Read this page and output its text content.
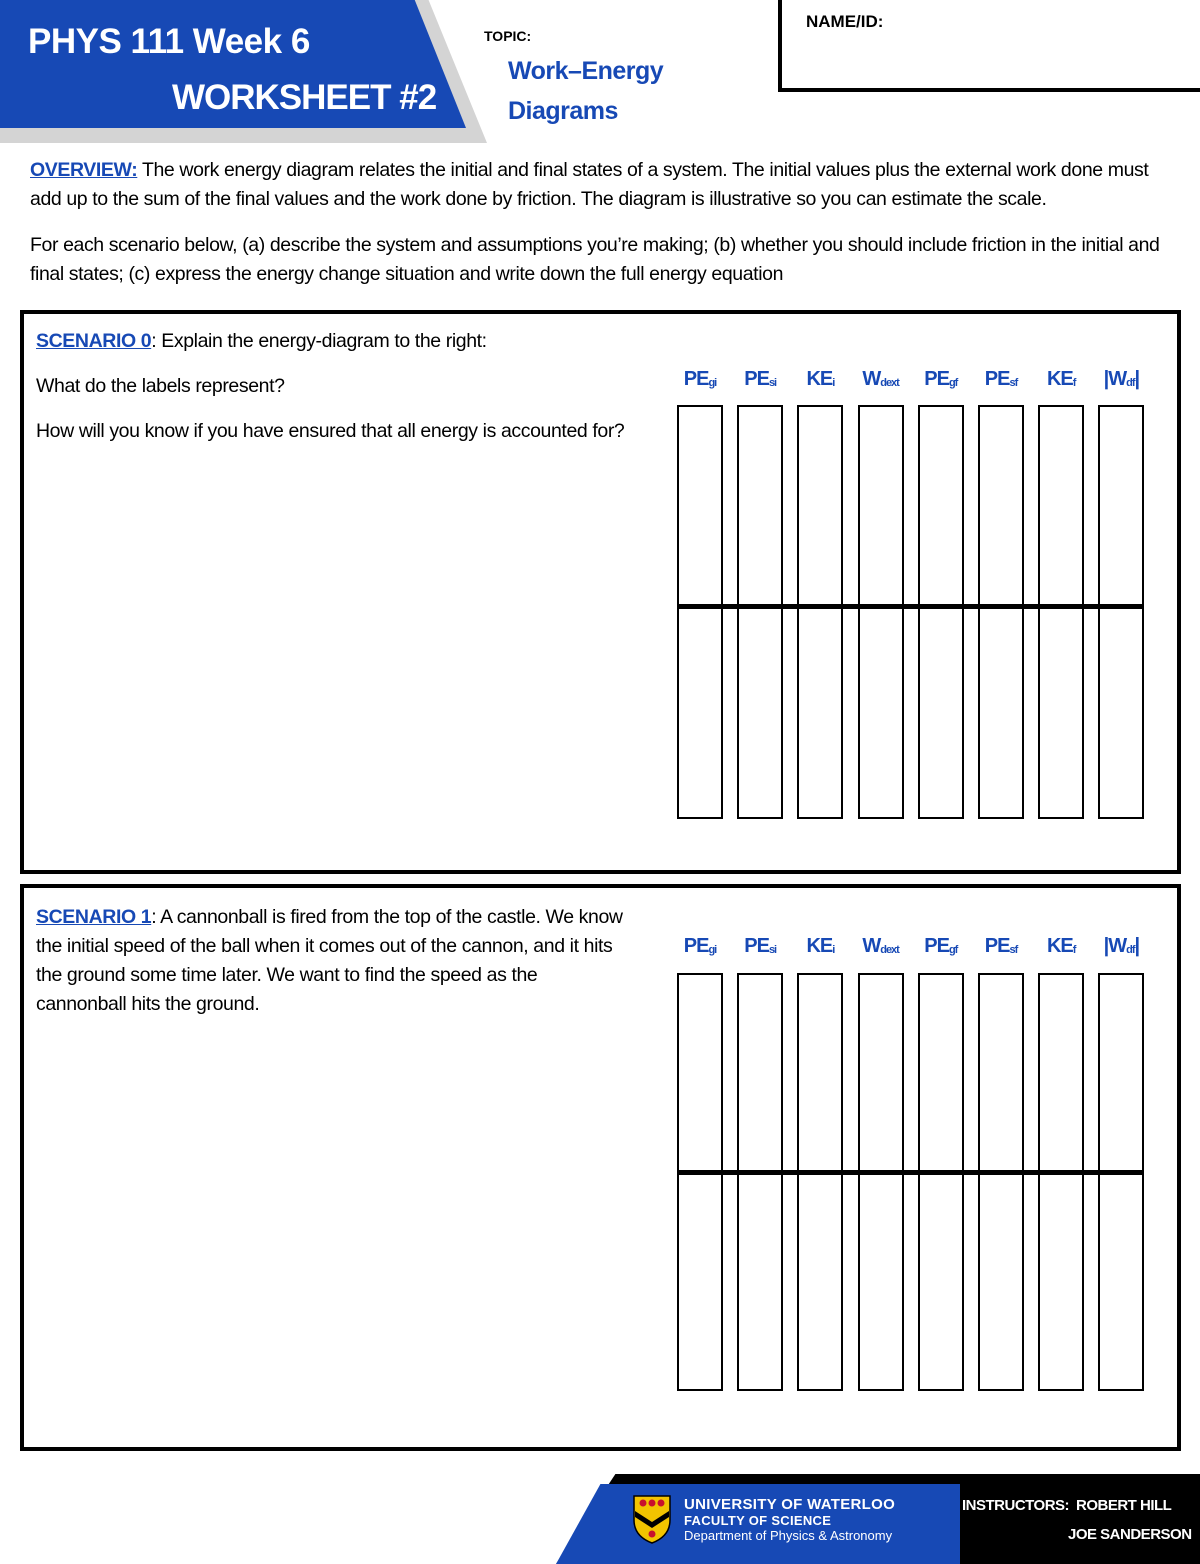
PHYS 111 Week 6
WORKSHEET #2
TOPIC:
Work–Energy
Diagrams
NAME/ID:

OVERVIEW: The work energy diagram relates the initial and final states of a system. The initial values plus the external work done must add up to the sum of the final values and the work done by friction. The diagram is illustrative so you can estimate the scale.

For each scenario below, (a) describe the system and assumptions you’re making; (b) whether you should include friction in the initial and final states; (c) express the energy change situation and write down the full energy equation

SCENARIO 0: Explain the energy-diagram to the right:

What do the labels represent?

How will you know if you have ensured that all energy is accounted for?

$PE_{gi}$	$PE_{si}$	$KE_i$	$W_{dext}$	$PE_{gf}$	$PE_{sf}$	$KE_f$	$|W_{df}|$

SCENARIO 1: A cannonball is fired from the top of the castle. We know the initial speed of the ball when it comes out of the cannon, and it hits the ground some time later. We want to find the speed as the cannonball hits the ground.

$PE_{gi}$	$PE_{si}$	$KE_i$	$W_{dext}$	$PE_{gf}$	$PE_{sf}$	$KE_f$	$|W_{df}|$
UNIVERSITY OF WATERLOO
FACULTY OF SCIENCE
Department of Physics & Astronomy
INSTRUCTORS: ROBERT HILL
JOE SANDERSON
